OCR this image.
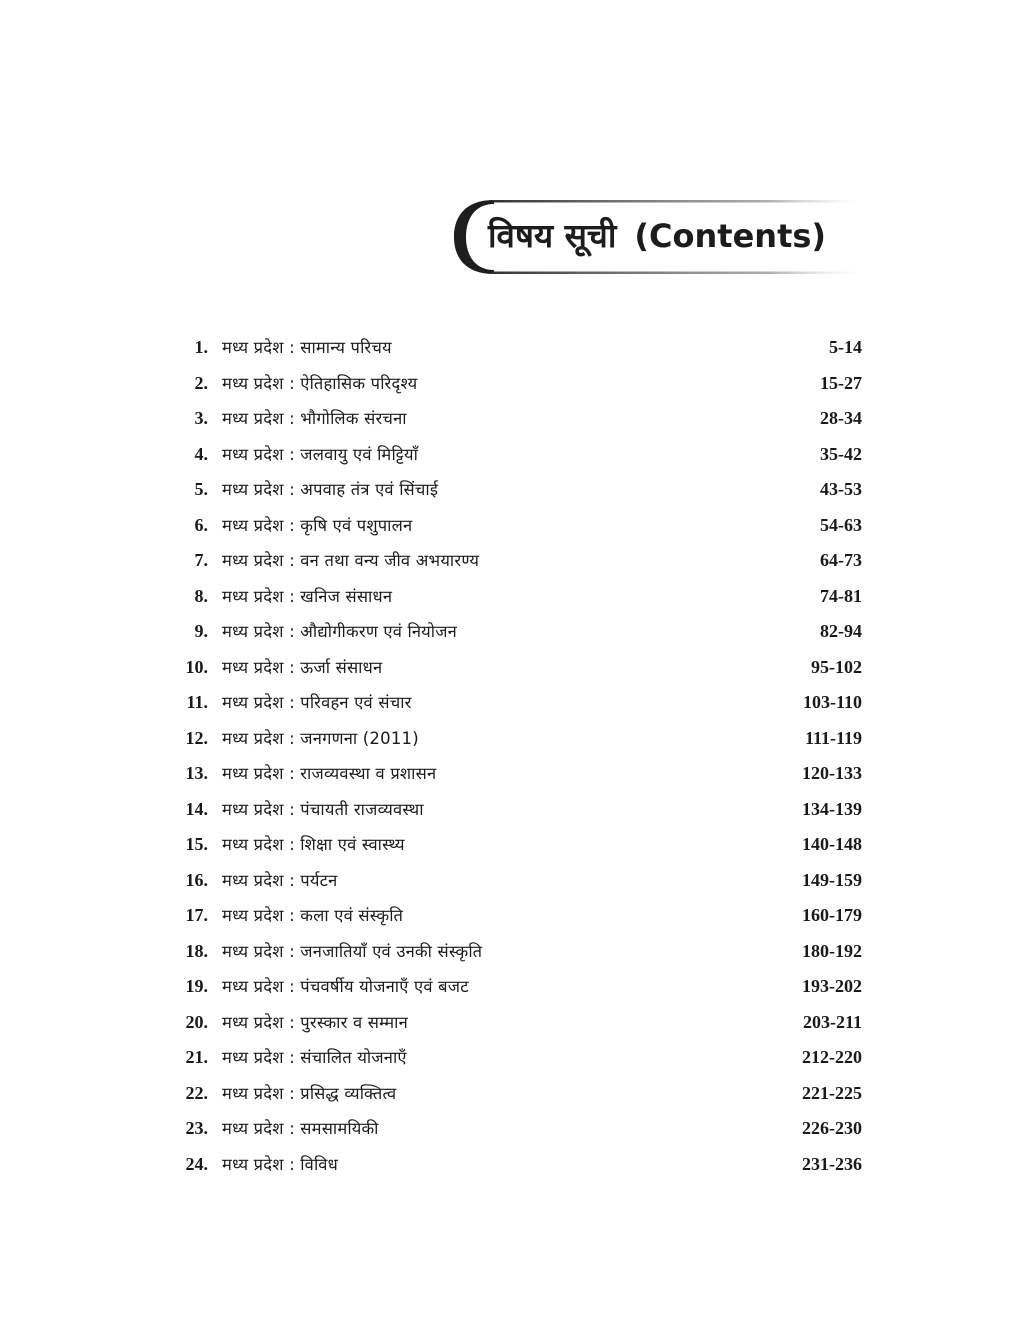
विषय सूची (Contents)
1. मध्य प्रदेश : सामान्य परिचय	5-14
2. मध्य प्रदेश : ऐतिहासिक परिदृश्य	15-27
3. मध्य प्रदेश : भौगोलिक संरचना	28-34
4. मध्य प्रदेश : जलवायु एवं मिट्टियाँ	35-42
5. मध्य प्रदेश : अपवाह तंत्र एवं सिंचाई	43-53
6. मध्य प्रदेश : कृषि एवं पशुपालन	54-63
7. मध्य प्रदेश : वन तथा वन्य जीव अभयारण्य	64-73
8. मध्य प्रदेश : खनिज संसाधन	74-81
9. मध्य प्रदेश : औद्योगीकरण एवं नियोजन	82-94
10. मध्य प्रदेश : ऊर्जा संसाधन	95-102
11. मध्य प्रदेश : परिवहन एवं संचार	103-110
12. मध्य प्रदेश : जनगणना (2011)	111-119
13. मध्य प्रदेश : राजव्यवस्था व प्रशासन	120-133
14. मध्य प्रदेश : पंचायती राजव्यवस्था	134-139
15. मध्य प्रदेश : शिक्षा एवं स्वास्थ्य	140-148
16. मध्य प्रदेश : पर्यटन	149-159
17. मध्य प्रदेश : कला एवं संस्कृति	160-179
18. मध्य प्रदेश : जनजातियाँ एवं उनकी संस्कृति	180-192
19. मध्य प्रदेश : पंचवर्षीय योजनाएँ एवं बजट	193-202
20. मध्य प्रदेश : पुरस्कार व सम्मान	203-211
21. मध्य प्रदेश : संचालित योजनाएँ	212-220
22. मध्य प्रदेश : प्रसिद्ध व्यक्तित्व	221-225
23. मध्य प्रदेश : समसामयिकी	226-230
24. मध्य प्रदेश : विविध	231-236
